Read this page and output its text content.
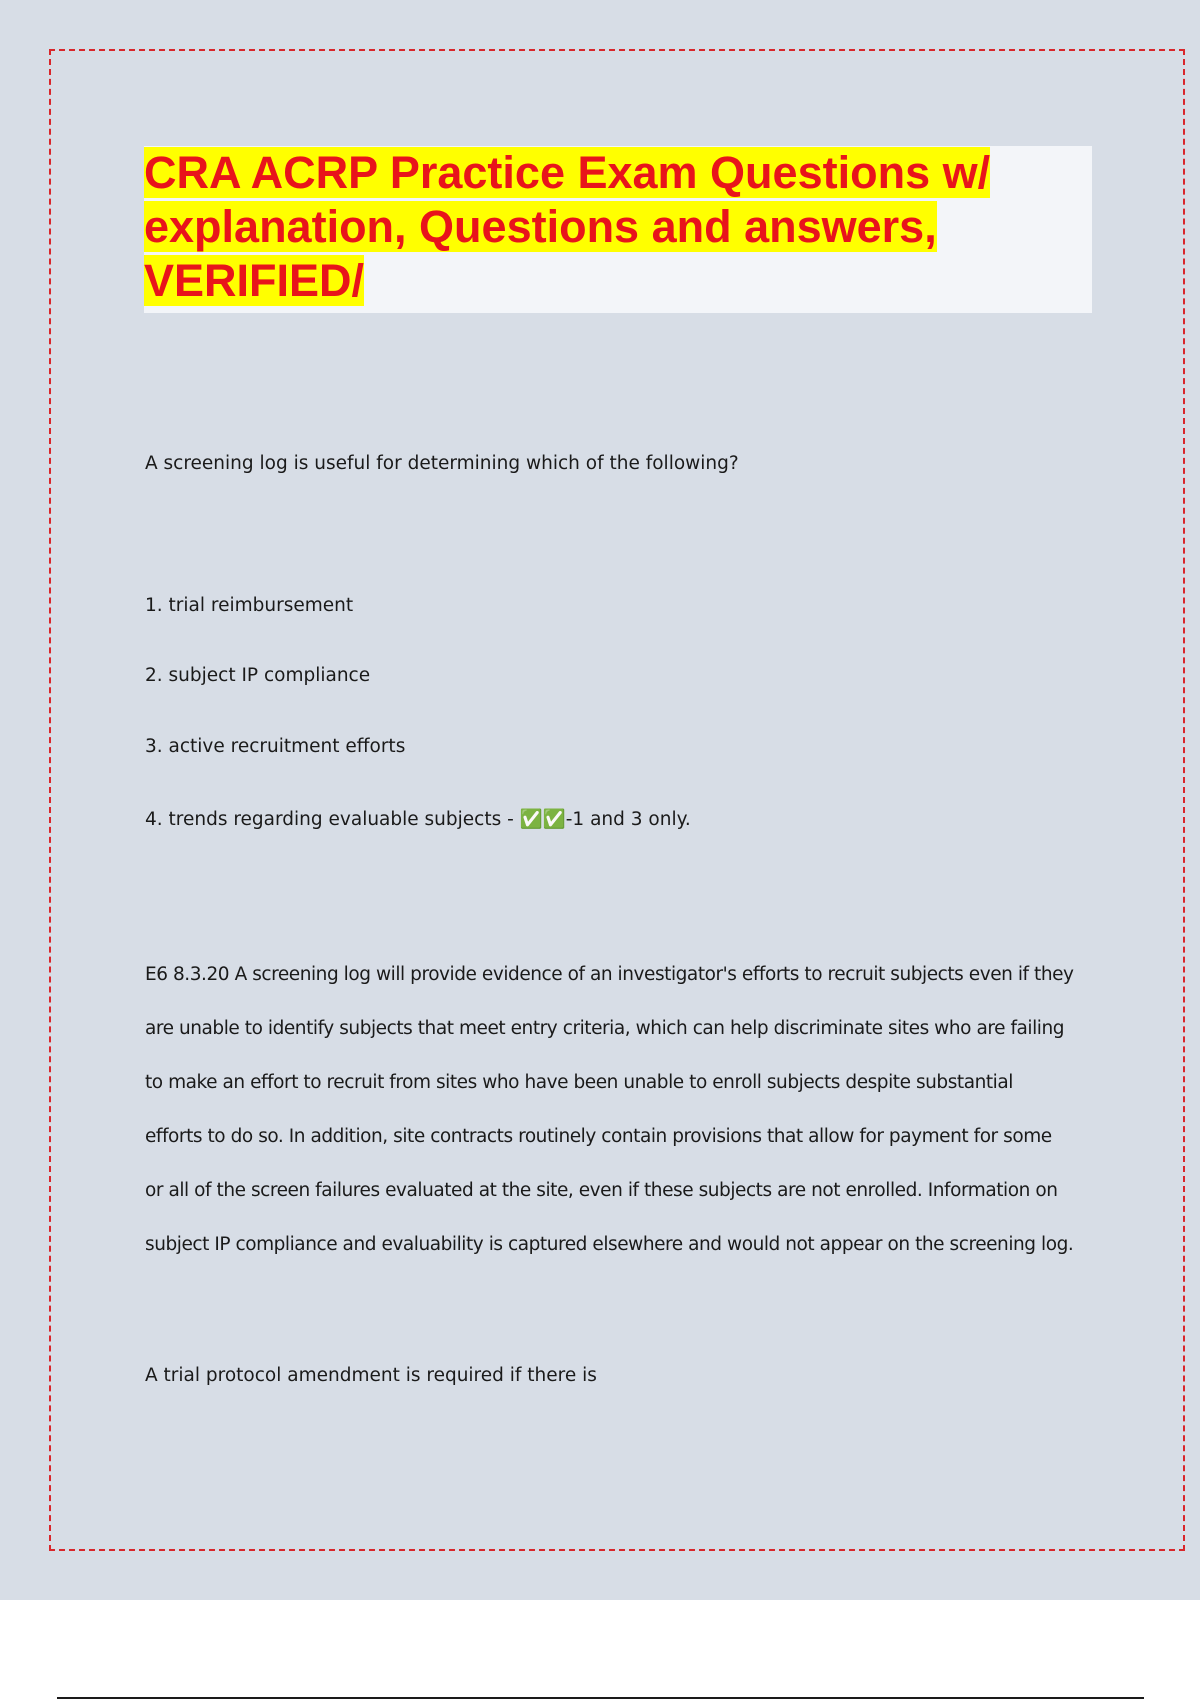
CRA ACRP Practice Exam Questions w/
explanation, Questions and answers,
VERIFIED/
A screening log is useful for determining which of the following?
1. trial reimbursement
2. subject IP compliance
3. active recruitment efforts
4. trends regarding evaluable subjects - ✅✅-1 and 3 only.
E6 8.3.20 A screening log will provide evidence of an investigator's efforts to recruit subjects even if they
are unable to identify subjects that meet entry criteria, which can help discriminate sites who are failing
to make an effort to recruit from sites who have been unable to enroll subjects despite substantial
efforts to do so. In addition, site contracts routinely contain provisions that allow for payment for some
or all of the screen failures evaluated at the site, even if these subjects are not enrolled. Information on
subject IP compliance and evaluability is captured elsewhere and would not appear on the screening log.
A trial protocol amendment is required if there is
